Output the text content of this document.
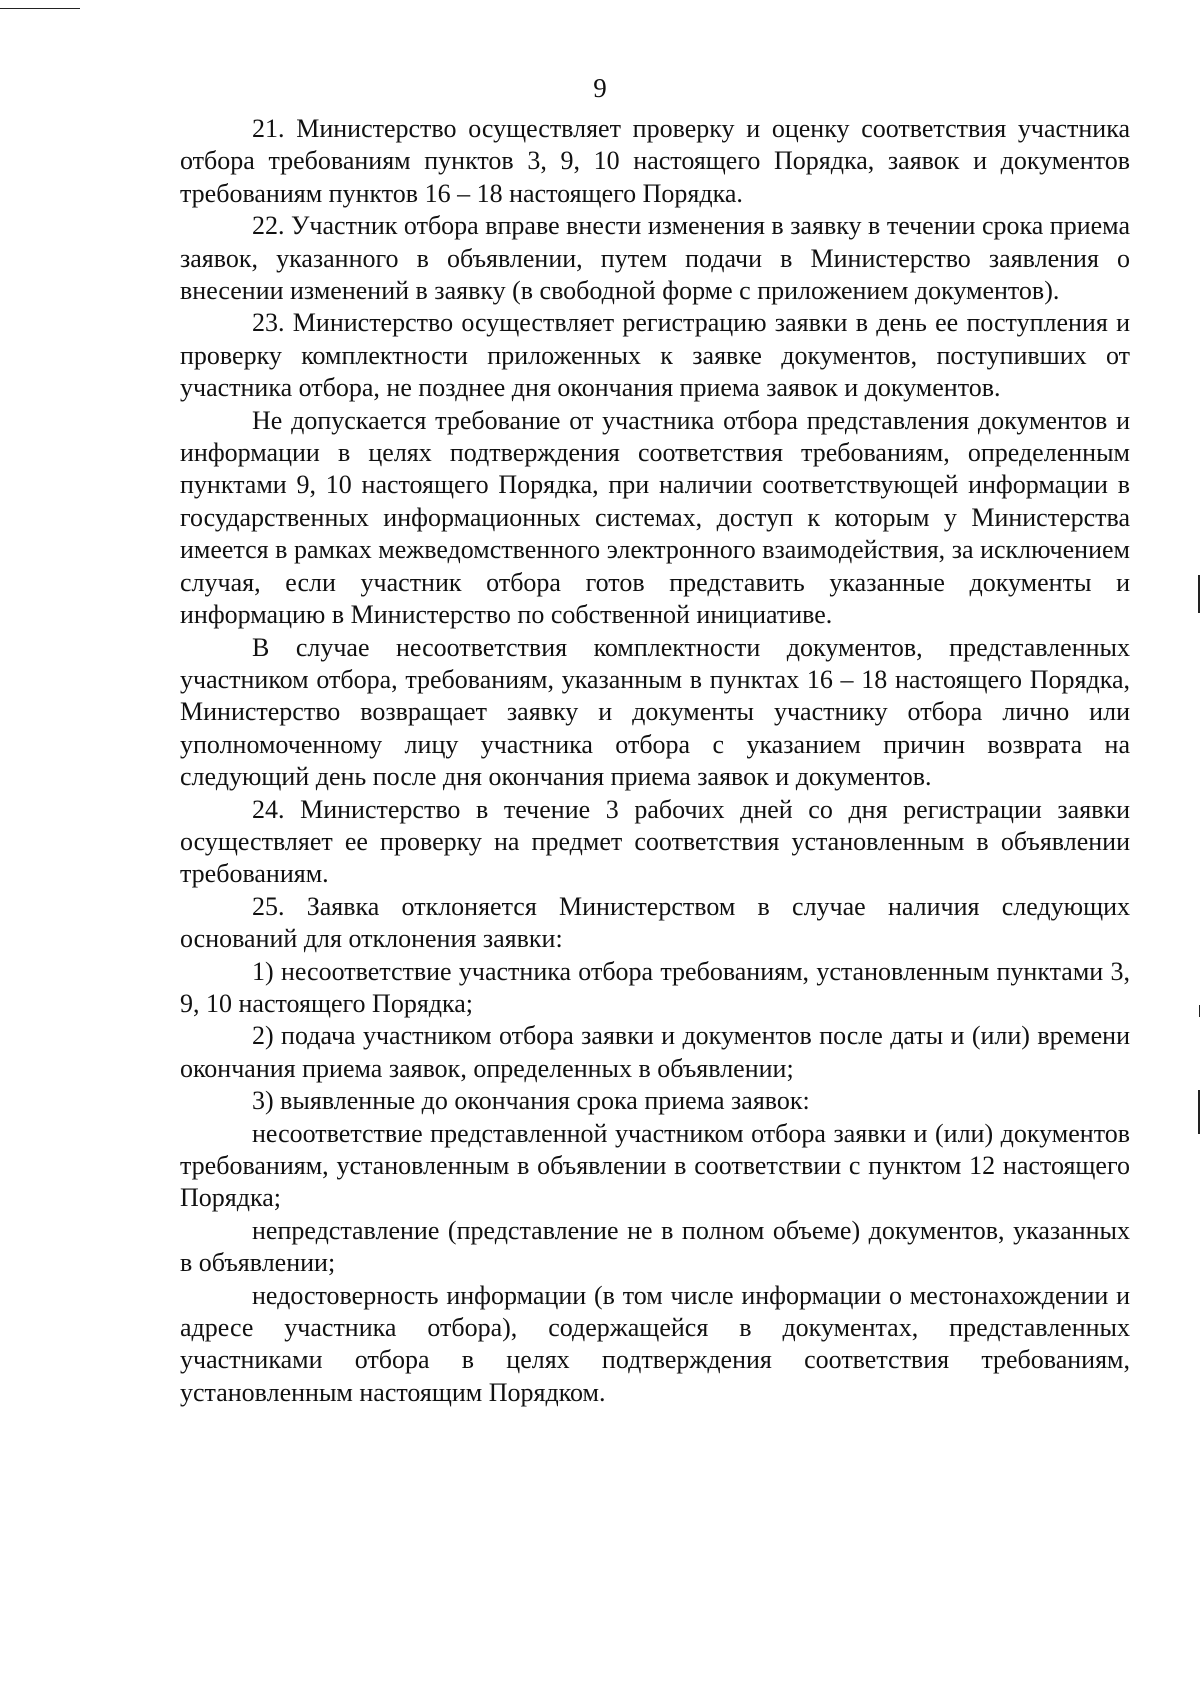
9

21. Министерство осуществляет проверку и оценку соответствия участника отбора требованиям пунктов 3, 9, 10 настоящего Порядка, заявок и документов требованиям пунктов 16 – 18 настоящего Порядка.

22. Участник отбора вправе внести изменения в заявку в течении срока приема заявок, указанного в объявлении, путем подачи в Министерство заявления о внесении изменений в заявку (в свободной форме с приложением документов).

23. Министерство осуществляет регистрацию заявки в день ее поступления и проверку комплектности приложенных к заявке документов, поступивших от участника отбора, не позднее дня окончания приема заявок и документов.

Не допускается требование от участника отбора представления документов и информации в целях подтверждения соответствия требованиям, определенным пунктами 9, 10 настоящего Порядка, при наличии соответствующей информации в государственных информационных системах, доступ к которым у Министерства имеется в рамках межведомственного электронного взаимодействия, за исключением случая, если участник отбора готов представить указанные документы и информацию в Министерство по собственной инициативе.

В случае несоответствия комплектности документов, представленных участником отбора, требованиям, указанным в пунктах 16 – 18 настоящего Порядка, Министерство возвращает заявку и документы участнику отбора лично или уполномоченному лицу участника отбора с указанием причин возврата на следующий день после дня окончания приема заявок и документов.

24. Министерство в течение 3 рабочих дней со дня регистрации заявки осуществляет ее проверку на предмет соответствия установленным в объявлении требованиям.

25. Заявка отклоняется Министерством в случае наличия следующих оснований для отклонения заявки:

1) несоответствие участника отбора требованиям, установленным пунктами 3, 9, 10 настоящего Порядка;

2) подача участником отбора заявки и документов после даты и (или) времени окончания приема заявок, определенных в объявлении;

3) выявленные до окончания срока приема заявок:

несоответствие представленной участником отбора заявки и (или) документов требованиям, установленным в объявлении в соответствии с пунктом 12 настоящего Порядка;

непредставление (представление не в полном объеме) документов, указанных в объявлении;

недостоверность информации (в том числе информации о местонахождении и адресе участника отбора), содержащейся в документах, представленных участниками отбора в целях подтверждения соответствия требованиям, установленным настоящим Порядком.
